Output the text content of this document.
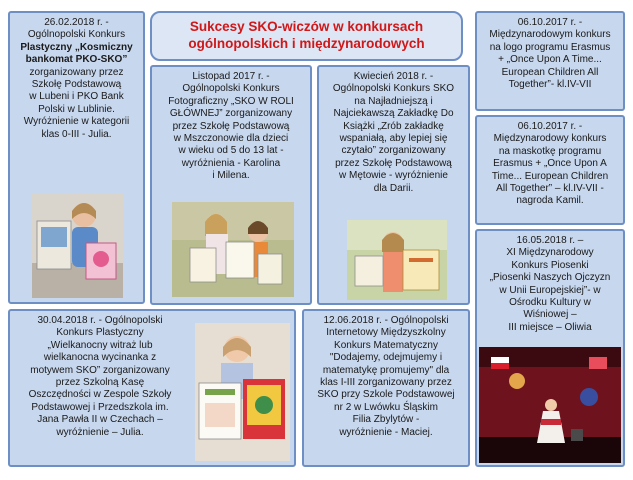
Sukcesy SKO-wiczów w konkursach

ogólnopolskich i międzynarodowych

26.02.2018 r. -

Ogólnopolski Konkurs

Plastyczny „Kosmiczny

bankomat PKO-SKO”

zorganizowany przez

Szkołę Podstawową

w Lubeni i PKO Bank

Polski w Lublinie.

Wyróżnienie w kategorii

klas 0-III - Julia.

Listopad 2017 r. -

Ogólnopolski Konkurs

Fotograficzny „SKO W ROLI

GŁÓWNEJ” zorganizowany

przez Szkołę Podstawową

w Mszczonowie dla dzieci

w wieku od 5 do 13 lat -

wyróżnienia - Karolina

i Milena.

Kwiecień 2018 r. -

Ogólnopolski Konkurs SKO

na Najładniejszą i

Najciekawszą Zakładkę Do

Książki „Zrób zakładkę

wspaniałą, aby lepiej się

czytało” zorganizowany

przez Szkołę Podstawową

w Mętowie - wyróżnienie

dla Darii.

06.10.2017 r. -

Międzynarodowym konkurs

na logo programu Erasmus

+ „Once Upon A Time...

European Children All

Together”- kl.IV-VII

06.10.2017 r. -

Międzynarodowy konkurs

na maskotkę programu

Erasmus + „Once Upon A

Time... European Children

All Together” – kl.IV-VII -

nagroda Kamil.

16.05.2018 r. –

XI Międzynarodowy

Konkurs Piosenki

„Piosenki Naszych Ojczyzn

w Unii Europejskiej”- w

Ośrodku Kultury w

Wiśniowej –

III miejsce – Oliwia

30.04.2018 r. - Ogólnopolski

Konkurs Plastyczny

„Wielkanocny witraż lub

wielkanocna wycinanka z

motywem SKO” zorganizowany

przez Szkolną Kasę

Oszczędności w Zespole Szkoły

Podstawowej i Przedszkola im.

Jana Pawła II w Czechach –

wyróżnienie – Julia.

12.06.2018 r. - Ogólnopolski

Internetowy Międzyszkolny

Konkurs Matematyczny

"Dodajemy, odejmujemy i

matematykę promujemy" dla

klas I-III zorganizowany przez

SKO przy Szkole Podstawowej

nr 2 w Lwówku Śląskim

Filia Zbylytów -

wyróżnienie - Maciej.
